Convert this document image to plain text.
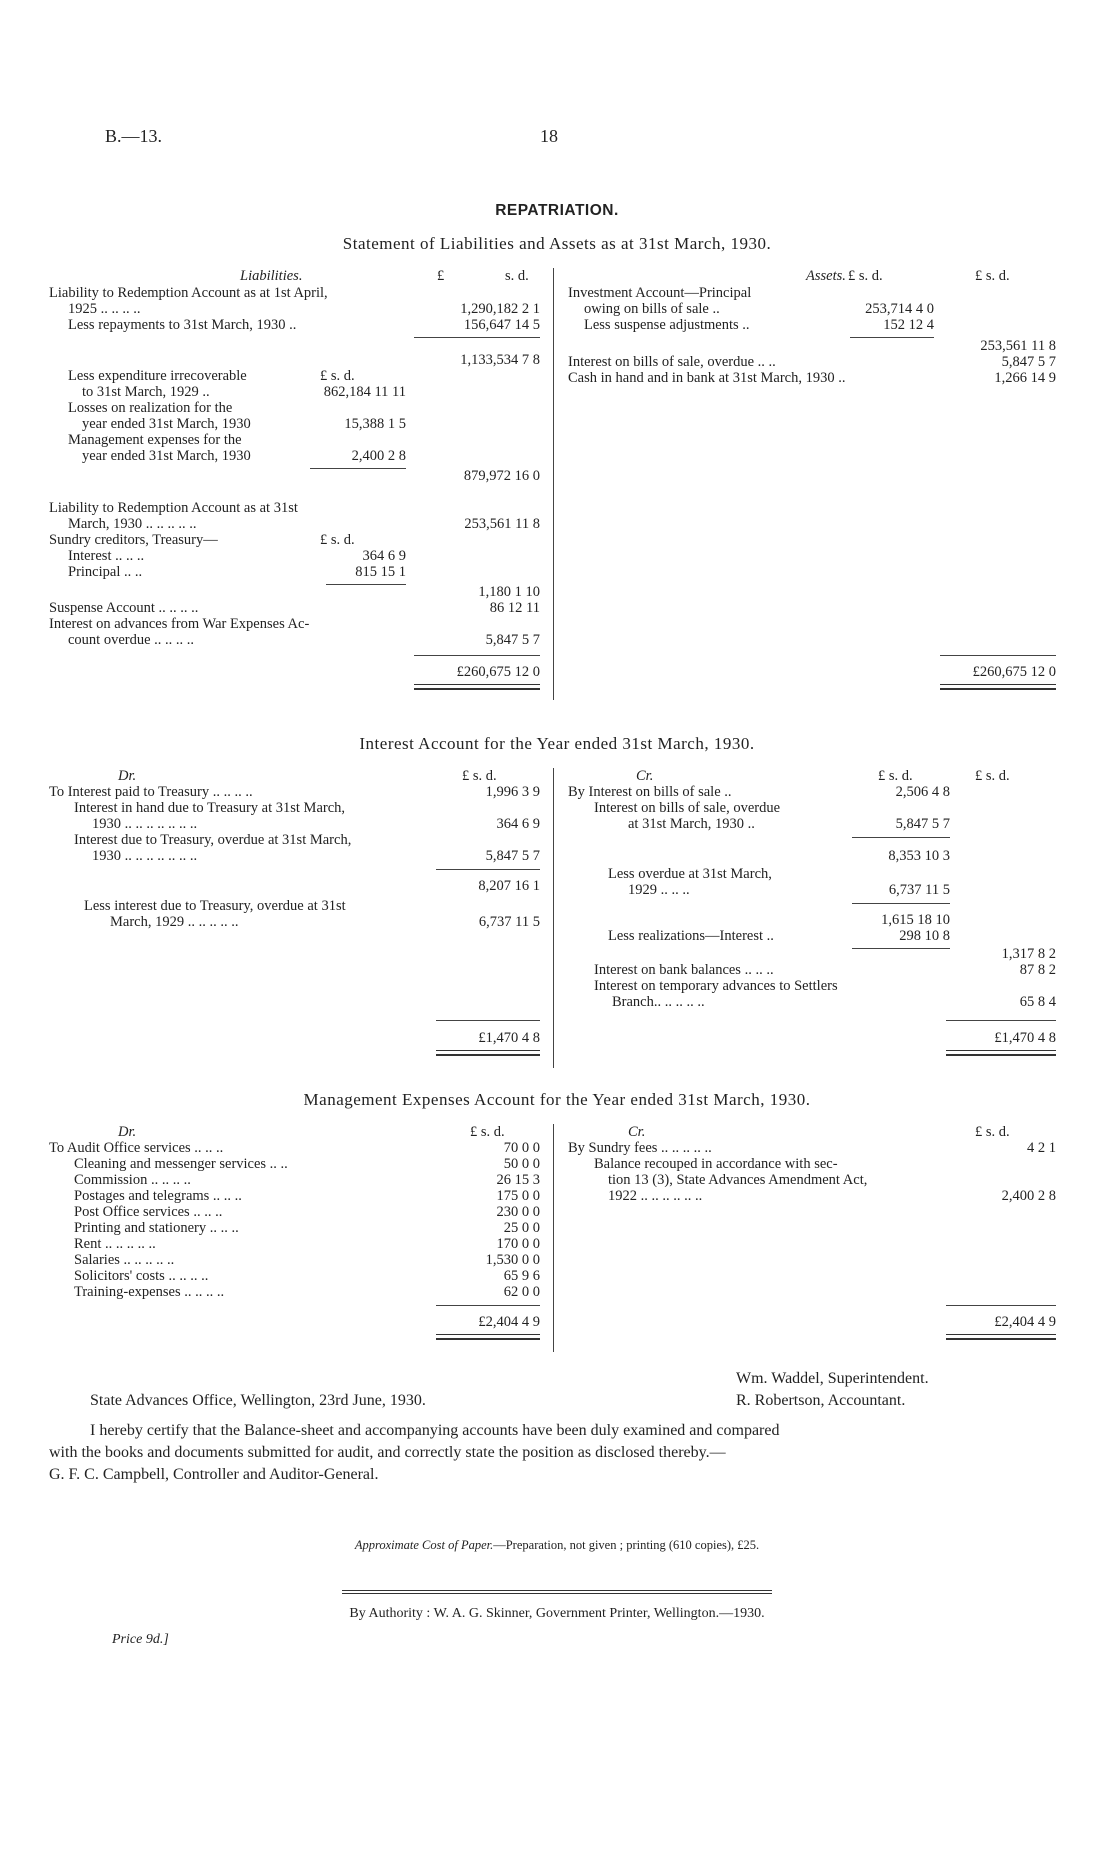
B.—13.	18
REPATRIATION.
Statement of Liabilities and Assets as at 31st March, 1930.
Liabilities.	£	s. d.
Liability to Redemption Account as at 1st April,
1925 .. .. .. ..	1,290,182 2 1
Less repayments to 31st March, 1930 ..	156,647 14 5
1,133,534 7 8
Less expenditure irrecoverable	£ s. d.
to 31st March, 1929 ..	862,184 11 11
Losses on realization for the
year ended 31st March, 1930	15,388 1 5
Management expenses for the
year ended 31st March, 1930	2,400 2 8
879,972 16 0
Liability to Redemption Account as at 31st
March, 1930 .. .. .. .. ..	253,561 11 8
Sundry creditors, Treasury—	£ s. d.
Interest .. .. ..	364 6 9
Principal .. ..	815 15 1
1,180 1 10
Suspense Account .. .. .. ..	86 12 11
Interest on advances from War Expenses Ac-
count overdue .. .. .. ..	5,847 5 7
£260,675 12 0
Assets. £ s. d.	£ s. d.
Investment Account—Principal
owing on bills of sale ..	253,714 4 0
Less suspense adjustments ..	152 12 4
253,561 11 8
Interest on bills of sale, overdue .. ..	5,847 5 7
Cash in hand and in bank at 31st March, 1930 ..	1,266 14 9
£260,675 12 0
Interest Account for the Year ended 31st March, 1930.
Dr.	£ s. d.
To Interest paid to Treasury .. .. .. ..	1,996 3 9
Interest in hand due to Treasury at 31st March,
1930 .. .. .. .. .. .. ..	364 6 9
Interest due to Treasury, overdue at 31st March,
1930 .. .. .. .. .. .. ..	5,847 5 7
8,207 16 1
Less interest due to Treasury, overdue at 31st
March, 1929 .. .. .. .. ..	6,737 11 5
£1,470 4 8
Cr.	£ s. d.	£ s. d.
By Interest on bills of sale ..	2,506 4 8
Interest on bills of sale, overdue
at 31st March, 1930 ..	5,847 5 7
8,353 10 3
Less overdue at 31st March,
1929 .. .. ..	6,737 11 5
1,615 18 10
Less realizations—Interest ..	298 10 8
1,317 8 2
Interest on bank balances .. .. ..	87 8 2
Interest on temporary advances to Settlers
Branch.. .. .. .. ..	65 8 4
£1,470 4 8
Management Expenses Account for the Year ended 31st March, 1930.
Dr.	£ s. d.
To Audit Office services .. .. ..	70 0 0
Cleaning and messenger services .. ..	50 0 0
Commission .. .. .. ..	26 15 3
Postages and telegrams .. .. ..	175 0 0
Post Office services .. .. ..	230 0 0
Printing and stationery .. .. ..	25 0 0
Rent .. .. .. .. ..	170 0 0
Salaries .. .. .. .. ..	1,530 0 0
Solicitors' costs .. .. .. ..	65 9 6
Training-expenses .. .. .. ..	62 0 0
£2,404 4 9
Cr.	£ s. d.
By Sundry fees .. .. .. .. ..	4 2 1
Balance recouped in accordance with sec-
tion 13 (3), State Advances Amendment Act,
1922 .. .. .. .. .. ..	2,400 2 8
£2,404 4 9
Wm. Waddel, Superintendent.
State Advances Office, Wellington, 23rd June, 1930.	R. Robertson, Accountant.
I hereby certify that the Balance-sheet and accompanying accounts have been duly examined and compared
with the books and documents submitted for audit, and correctly state the position as disclosed thereby.—
G. F. C. Campbell, Controller and Auditor-General.
Approximate Cost of Paper.—Preparation, not given ; printing (610 copies), £25.
By Authority : W. A. G. Skinner, Government Printer, Wellington.—1930.
Price 9d.]
